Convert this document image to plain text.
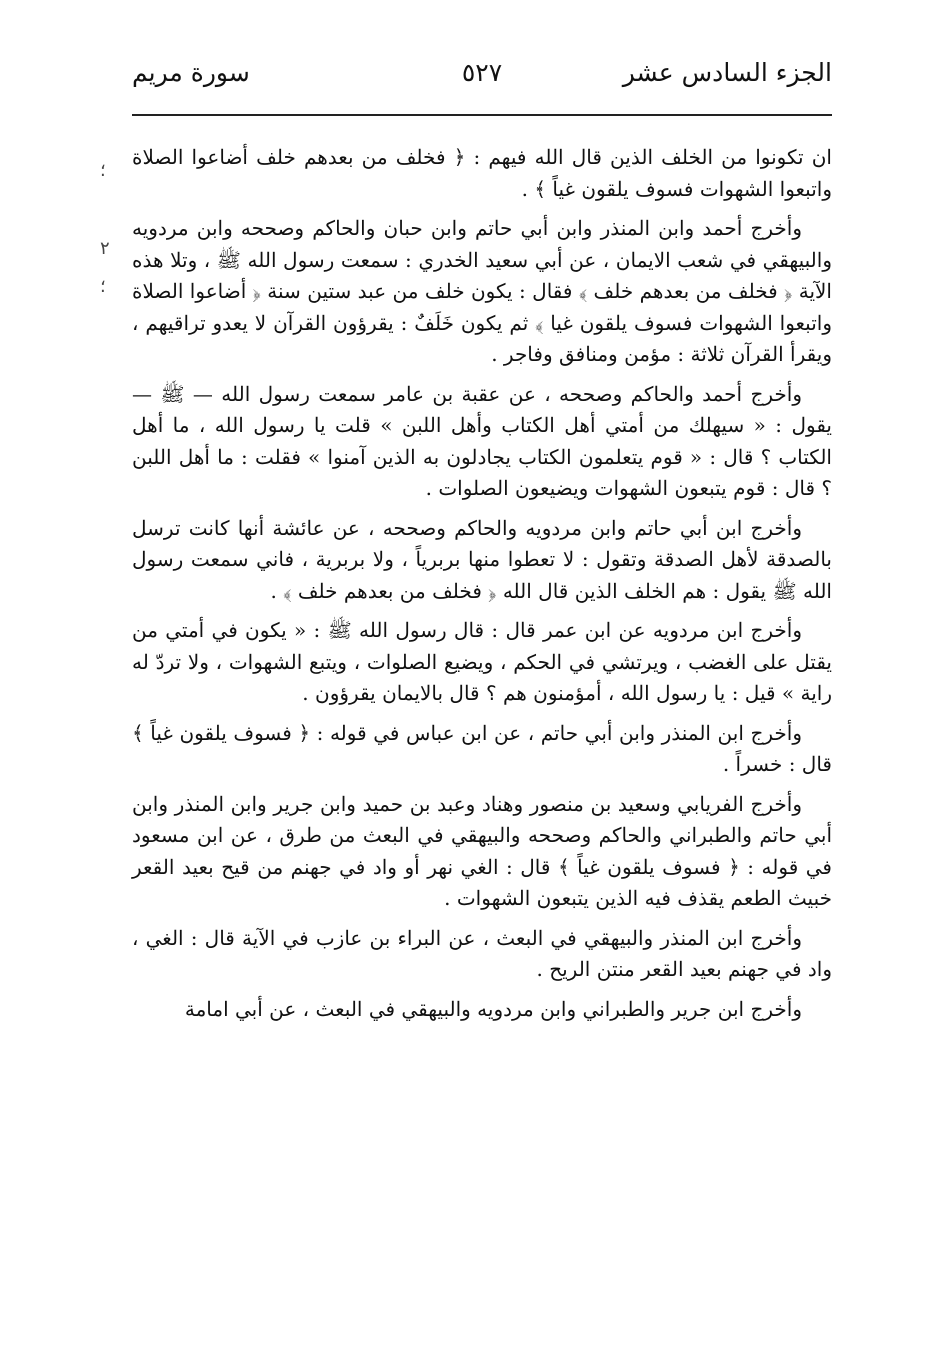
الجزء السادس عشر
٥٢٧
سورة مريم
؛
٢
؛

ان تكونوا من الخلف الذين قال الله فيهم : ﴿ فخلف من بعدهم خلف أضاعوا الصلاة واتبعوا الشهوات فسوف يلقون غياً ﴾ .

وأخرج أحمد وابن المنذر وابن أبي حاتم وابن حبان والحاكم وصححه وابن مردويه والبيهقي في شعب الايمان ، عن أبي سعيد الخدري : سمعت رسول الله ﷺ ، وتلا هذه الآية ﴿ فخلف من بعدهم خلف ﴾ فقال : يكون خلف من عبد ستين سنة ﴿ أضاعوا الصلاة واتبعوا الشهوات فسوف يلقون غيا ﴾ ثم يكون خَلَفٌ : يقرؤون القرآن لا يعدو تراقيهم ، ويقرأ القرآن ثلاثة : مؤمن ومنافق وفاجر .

وأخرج أحمد والحاكم وصححه ، عن عقبة بن عامر سمعت رسول الله — ﷺ — يقول : « سيهلك من أمتي أهل الكتاب وأهل اللبن » قلت يا رسول الله ، ما أهل الكتاب ؟ قال : « قوم يتعلمون الكتاب يجادلون به الذين آمنوا » فقلت : ما أهل اللبن ؟ قال : قوم يتبعون الشهوات ويضيعون الصلوات .

وأخرج ابن أبي حاتم وابن مردويه والحاكم وصححه ، عن عائشة أنها كانت ترسل بالصدقة لأهل الصدقة وتقول : لا تعطوا منها بربرياً ، ولا بربرية ، فاني سمعت رسول الله ﷺ يقول : هم الخلف الذين قال الله ﴿ فخلف من بعدهم خلف ﴾ .

وأخرج ابن مردويه عن ابن عمر قال : قال رسول الله ﷺ : « يكون في أمتي من يقتل على الغضب ، ويرتشي في الحكم ، ويضيع الصلوات ، ويتبع الشهوات ، ولا تردّ له راية » قيل : يا رسول الله ، أمؤمنون هم ؟ قال بالايمان يقرؤون .

وأخرج ابن المنذر وابن أبي حاتم ، عن ابن عباس في قوله : ﴿ فسوف يلقون غياً ﴾ قال : خسراً .

وأخرج الفريابي وسعيد بن منصور وهناد وعبد بن حميد وابن جرير وابن المنذر وابن أبي حاتم والطبراني والحاكم وصححه والبيهقي في البعث من طرق ، عن ابن مسعود في قوله : ﴿ فسوف يلقون غياً ﴾ قال : الغي نهر أو واد في جهنم من قيح بعيد القعر خبيث الطعم يقذف فيه الذين يتبعون الشهوات .

وأخرج ابن المنذر والبيهقي في البعث ، عن البراء بن عازب في الآية قال : الغي ، واد في جهنم بعيد القعر منتن الريح .

وأخرج ابن جرير والطبراني وابن مردويه والبيهقي في البعث ، عن أبي امامة
